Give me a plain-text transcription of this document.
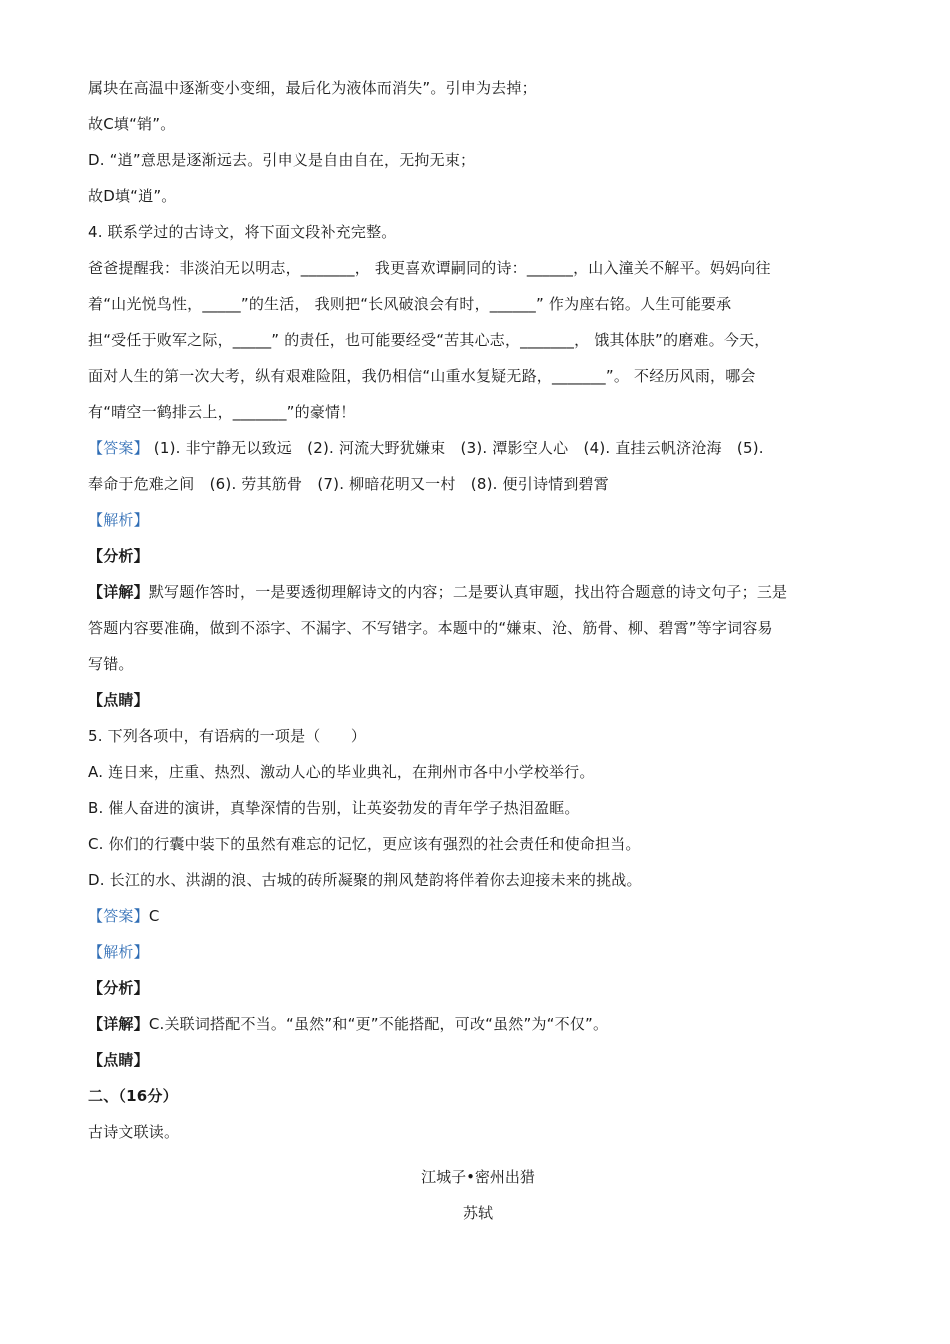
属块在高温中逐渐变小变细，最后化为液体而消失”。引申为去掉；
故C填“销”。
D. “逍”意思是逐渐远去。引申义是自由自在，无拘无束；
故D填“逍”。
4. 联系学过的古诗文，将下面文段补充完整。
爸爸提醒我：非淡泊无以明志，_______， 我更喜欢谭嗣同的诗：______，山入潼关不解平。妈妈向往
着“山光悦鸟性，_____”的生活， 我则把“长风破浪会有时，______” 作为座右铭。人生可能要承
担“受任于败军之际，_____” 的责任，也可能要经受“苦其心志，_______， 饿其体肤”的磨难。今天，
面对人生的第一次大考，纵有艰难险阻，我仍相信“山重水复疑无路，_______”。 不经历风雨，哪会
有“晴空一鹤排云上，_______”的豪情！
【答案】 (1). 非宁静无以致远　(2). 河流大野犹嫌束　(3). 潭影空人心　(4). 直挂云帆济沧海　(5).
奉命于危难之间　(6). 劳其筋骨　(7). 柳暗花明又一村　(8). 便引诗情到碧霄
【解析】
【分析】
【详解】默写题作答时，一是要透彻理解诗文的内容；二是要认真审题，找出符合题意的诗文句子；三是
答题内容要准确，做到不添字、不漏字、不写错字。本题中的“嫌束、沧、筋骨、柳、碧霄”等字词容易
写错。
【点睛】
5. 下列各项中，有语病的一项是（　　）
A. 连日来，庄重、热烈、激动人心的毕业典礼，在荆州市各中小学校举行。
B. 催人奋进的演讲，真挚深情的告别，让英姿勃发的青年学子热泪盈眶。
C. 你们的行囊中装下的虽然有难忘的记忆，更应该有强烈的社会责任和使命担当。
D. 长江的水、洪湖的浪、古城的砖所凝聚的荆风楚韵将伴着你去迎接未来的挑战。
【答案】C
【解析】
【分析】
【详解】C.关联词搭配不当。“虽然”和“更”不能搭配，可改“虽然”为“不仅”。
【点睛】
二、（16分）
古诗文联读。
江城子•密州出猎
苏轼
